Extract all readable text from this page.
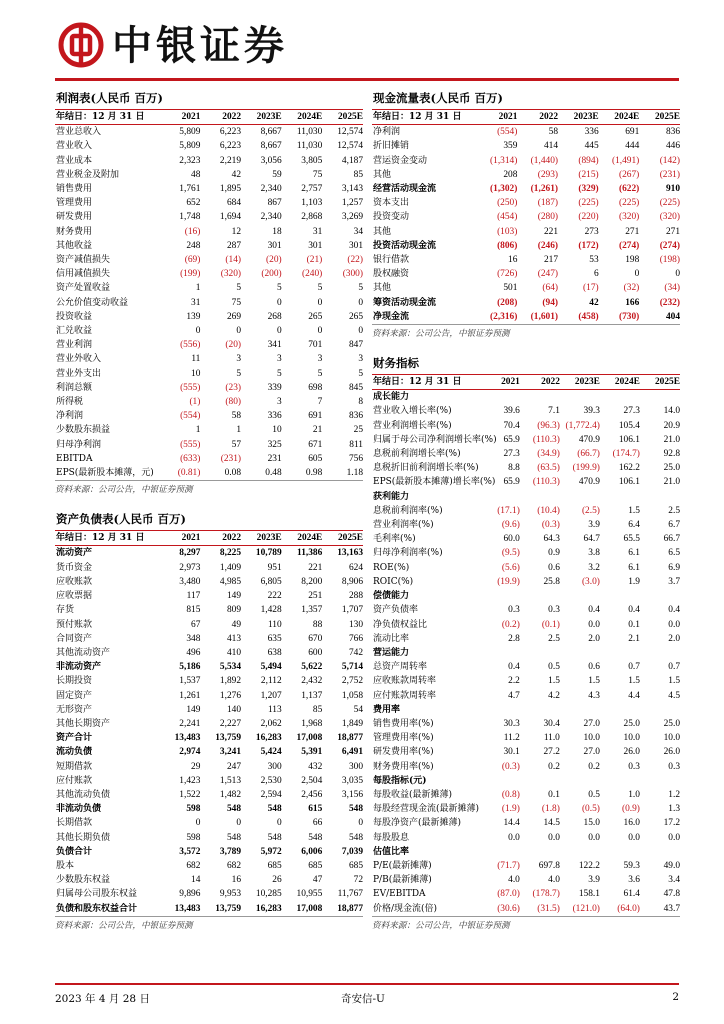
中银证券
利润表(人民币 百万)
年结日：12 月 31 日	2021	2022	2023E	2024E	2025E
营业总收入	5,809	6,223	8,667	11,030	12,574
营业收入	5,809	6,223	8,667	11,030	12,574
营业成本	2,323	2,219	3,056	3,805	4,187
营业税金及附加	48	42	59	75	85
销售费用	1,761	1,895	2,340	2,757	3,143
管理费用	652	684	867	1,103	1,257
研发费用	1,748	1,694	2,340	2,868	3,269
财务费用	(16)	12	18	31	34
其他收益	248	287	301	301	301
资产减值损失	(69)	(14)	(20)	(21)	(22)
信用减值损失	(199)	(320)	(200)	(240)	(300)
资产处置收益	1	5	5	5	5
公允价值变动收益	31	75	0	0	0
投资收益	139	269	268	265	265
汇兑收益	0	0	0	0	0
营业利润	(556)	(20)	341	701	847
营业外收入	11	3	3	3	3
营业外支出	10	5	5	5	5
利润总额	(555)	(23)	339	698	845
所得税	(1)	(80)	3	7	8
净利润	(554)	58	336	691	836
少数股东损益	1	1	10	21	25
归母净利润	(555)	57	325	671	811
EBITDA	(633)	(231)	231	605	756
EPS(最新股本摊薄，元)	(0.81)	0.08	0.48	0.98	1.18
资料来源：公司公告，中银证券预测
资产负债表(人民币 百万)
年结日：12 月 31 日	2021	2022	2023E	2024E	2025E
流动资产	8,297	8,225	10,789	11,386	13,163
货币资金	2,973	1,409	951	221	624
应收账款	3,480	4,985	6,805	8,200	8,906
应收票据	117	149	222	251	288
存货	815	809	1,428	1,357	1,707
预付账款	67	49	110	88	130
合同资产	348	413	635	670	766
其他流动资产	496	410	638	600	742
非流动资产	5,186	5,534	5,494	5,622	5,714
长期投资	1,537	1,892	2,112	2,432	2,752
固定资产	1,261	1,276	1,207	1,137	1,058
无形资产	149	140	113	85	54
其他长期资产	2,241	2,227	2,062	1,968	1,849
资产合计	13,483	13,759	16,283	17,008	18,877
流动负债	2,974	3,241	5,424	5,391	6,491
短期借款	29	247	300	432	300
应付账款	1,423	1,513	2,530	2,504	3,035
其他流动负债	1,522	1,482	2,594	2,456	3,156
非流动负债	598	548	548	615	548
长期借款	0	0	0	66	0
其他长期负债	598	548	548	548	548
负债合计	3,572	3,789	5,972	6,006	7,039
股本	682	682	685	685	685
少数股东权益	14	16	26	47	72
归属母公司股东权益	9,896	9,953	10,285	10,955	11,767
负债和股东权益合计	13,483	13,759	16,283	17,008	18,877
资料来源：公司公告，中银证券预测
现金流量表(人民币 百万)
年结日：12 月 31 日	2021	2022	2023E	2024E	2025E
净利润	(554)	58	336	691	836
折旧摊销	359	414	445	444	446
营运资金变动	(1,314)	(1,440)	(894)	(1,491)	(142)
其他	208	(293)	(215)	(267)	(231)
经营活动现金流	(1,302)	(1,261)	(329)	(622)	910
资本支出	(250)	(187)	(225)	(225)	(225)
投资变动	(454)	(280)	(220)	(320)	(320)
其他	(103)	221	273	271	271
投资活动现金流	(806)	(246)	(172)	(274)	(274)
银行借款	16	217	53	198	(198)
股权融资	(726)	(247)	6	0	0
其他	501	(64)	(17)	(32)	(34)
筹资活动现金流	(208)	(94)	42	166	(232)
净现金流	(2,316)	(1,601)	(458)	(730)	404
资料来源：公司公告，中银证券预测
财务指标
年结日：12 月 31 日	2021	2022	2023E	2024E	2025E
成长能力					
营业收入增长率(%)	39.6	7.1	39.3	27.3	14.0
营业利润增长率(%)	70.4	(96.3)	(1,772.4)	105.4	20.9
归属于母公司净利润增长率(%)	65.9	(110.3)	470.9	106.1	21.0
息税前利润增长率(%)	27.3	(34.9)	(66.7)	(174.7)	92.8
息税折旧前利润增长率(%)	8.8	(63.5)	(199.9)	162.2	25.0
EPS(最新股本摊薄)增长率(%)	65.9	(110.3)	470.9	106.1	21.0
获利能力					
息税前利润率(%)	(17.1)	(10.4)	(2.5)	1.5	2.5
营业利润率(%)	(9.6)	(0.3)	3.9	6.4	6.7
毛利率(%)	60.0	64.3	64.7	65.5	66.7
归母净利润率(%)	(9.5)	0.9	3.8	6.1	6.5
ROE(%)	(5.6)	0.6	3.2	6.1	6.9
ROIC(%)	(19.9)	25.8	(3.0)	1.9	3.7
偿债能力					
资产负债率	0.3	0.3	0.4	0.4	0.4
净负债权益比	(0.2)	(0.1)	0.0	0.1	0.0
流动比率	2.8	2.5	2.0	2.1	2.0
营运能力					
总资产周转率	0.4	0.5	0.6	0.7	0.7
应收账款周转率	2.2	1.5	1.5	1.5	1.5
应付账款周转率	4.7	4.2	4.3	4.4	4.5
费用率					
销售费用率(%)	30.3	30.4	27.0	25.0	25.0
管理费用率(%)	11.2	11.0	10.0	10.0	10.0
研发费用率(%)	30.1	27.2	27.0	26.0	26.0
财务费用率(%)	(0.3)	0.2	0.2	0.3	0.3
每股指标(元)					
每股收益(最新摊薄)	(0.8)	0.1	0.5	1.0	1.2
每股经营现金流(最新摊薄)	(1.9)	(1.8)	(0.5)	(0.9)	1.3
每股净资产(最新摊薄)	14.4	14.5	15.0	16.0	17.2
每股股息	0.0	0.0	0.0	0.0	0.0
估值比率					
P/E(最新摊薄)	(71.7)	697.8	122.2	59.3	49.0
P/B(最新摊薄)	4.0	4.0	3.9	3.6	3.4
EV/EBITDA	(87.0)	(178.7)	158.1	61.4	47.8
价格/现金流(倍)	(30.6)	(31.5)	(121.0)	(64.0)	43.7
资料来源：公司公告，中银证券预测
2023 年 4 月 28 日	奇安信-U	2
